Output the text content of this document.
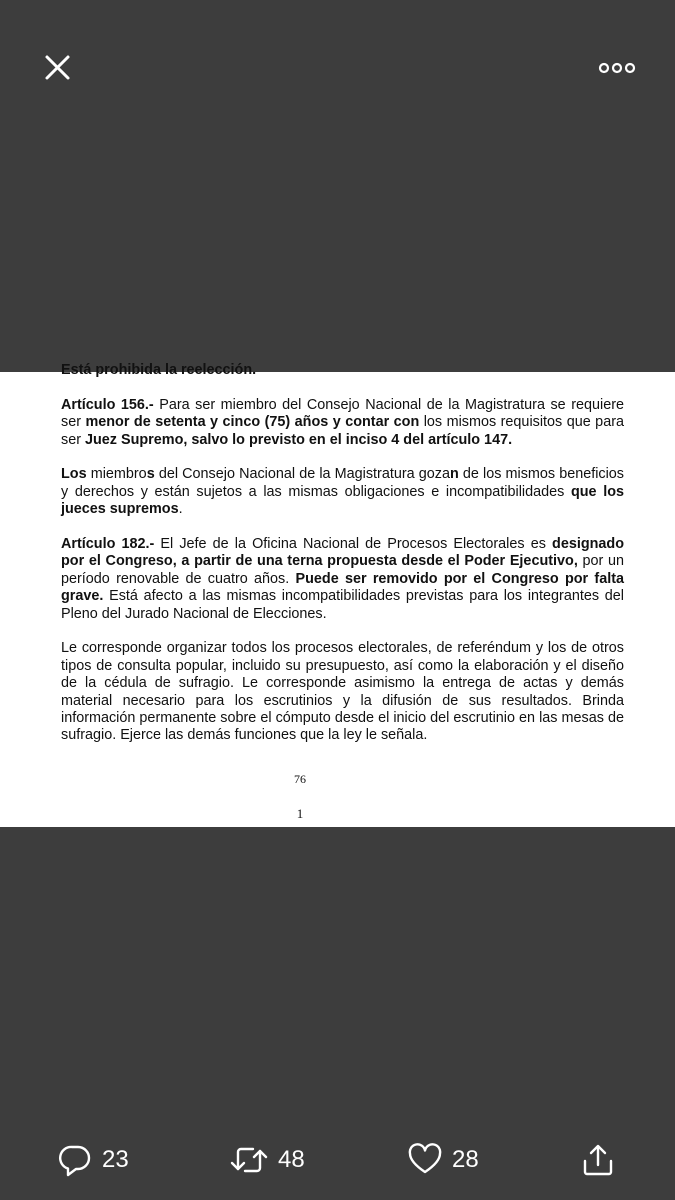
Está prohibida la reelección.

Artículo 156.- Para ser miembro del Consejo Nacional de la Magistratura se requiere ser menor de setenta y cinco (75) años y contar con los mismos requisitos que para ser Juez Supremo, salvo lo previsto en el inciso 4 del artículo 147.

Los miembros del Consejo Nacional de la Magistratura gozan de los mismos beneficios y derechos y están sujetos a las mismas obligaciones e incompatibilidades que los jueces supremos.

Artículo 182.- El Jefe de la Oficina Nacional de Procesos Electorales es designado por el Congreso, a partir de una terna propuesta desde el Poder Ejecutivo, por un período renovable de cuatro años. Puede ser removido por el Congreso por falta grave. Está afecto a las mismas incompatibilidades previstas para los integrantes del Pleno del Jurado Nacional de Elecciones.

Le corresponde organizar todos los procesos electorales, de referéndum y los de otros tipos de consulta popular, incluido su presupuesto, así como la elaboración y el diseño de la cédula de sufragio. Le corresponde asimismo la entrega de actas y demás material necesario para los escrutinios y la difusión de sus resultados. Brinda información permanente sobre el cómputo desde el inicio del escrutinio en las mesas de sufragio. Ejerce las demás funciones que la ley le señala.

76
1
23	48	28
